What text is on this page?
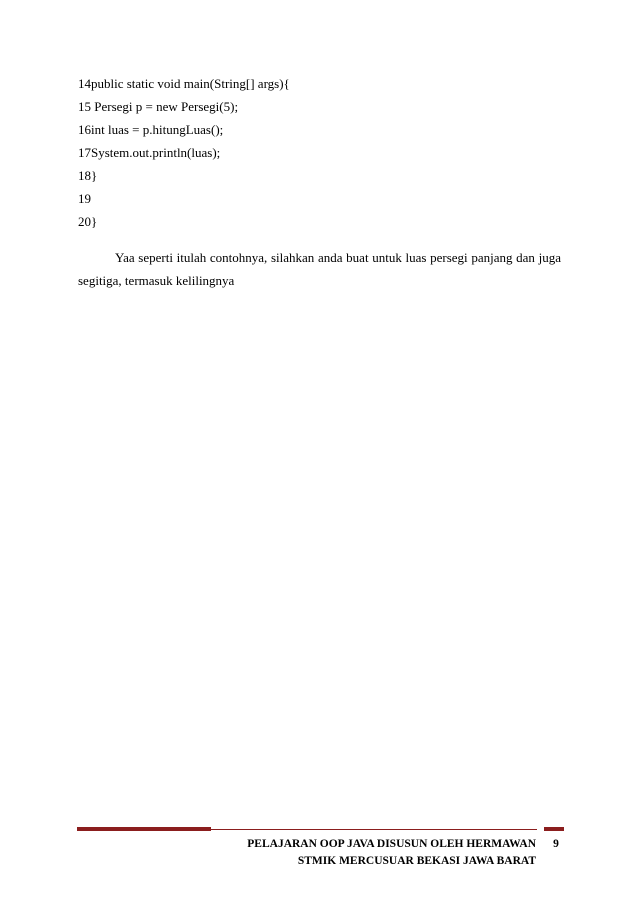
14public static void main(String[] args){
15 Persegi p = new Persegi(5);
16int luas = p.hitungLuas();
17System.out.println(luas);
18}
19
20}

Yaa seperti itulah contohnya, silahkan anda buat untuk luas persegi panjang dan juga segitiga, termasuk kelilingnya

PELAJARAN OOP JAVA DISUSUN OLEH HERMAWAN
STMIK MERCUSUAR BEKASI JAWA BARAT
9
